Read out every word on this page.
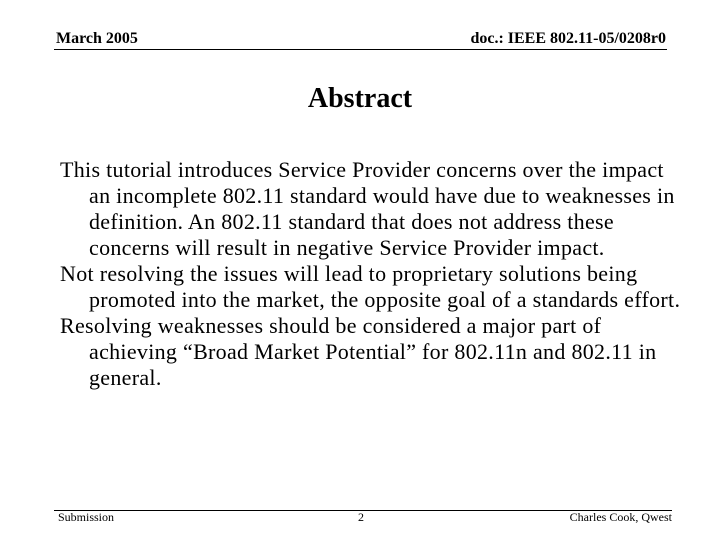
March 2005	doc.: IEEE 802.11-05/0208r0
Abstract

This tutorial introduces Service Provider concerns over the impact an incomplete 802.11 standard would have due to weaknesses in definition. An 802.11 standard that does not address these concerns will result in negative Service Provider impact.

Not resolving the issues will lead to proprietary solutions being promoted into the market, the opposite goal of a standards effort.

Resolving weaknesses should be considered a major part of achieving “Broad Market Potential” for 802.11n and 802.11 in general.

Submission	2	Charles Cook, Qwest
